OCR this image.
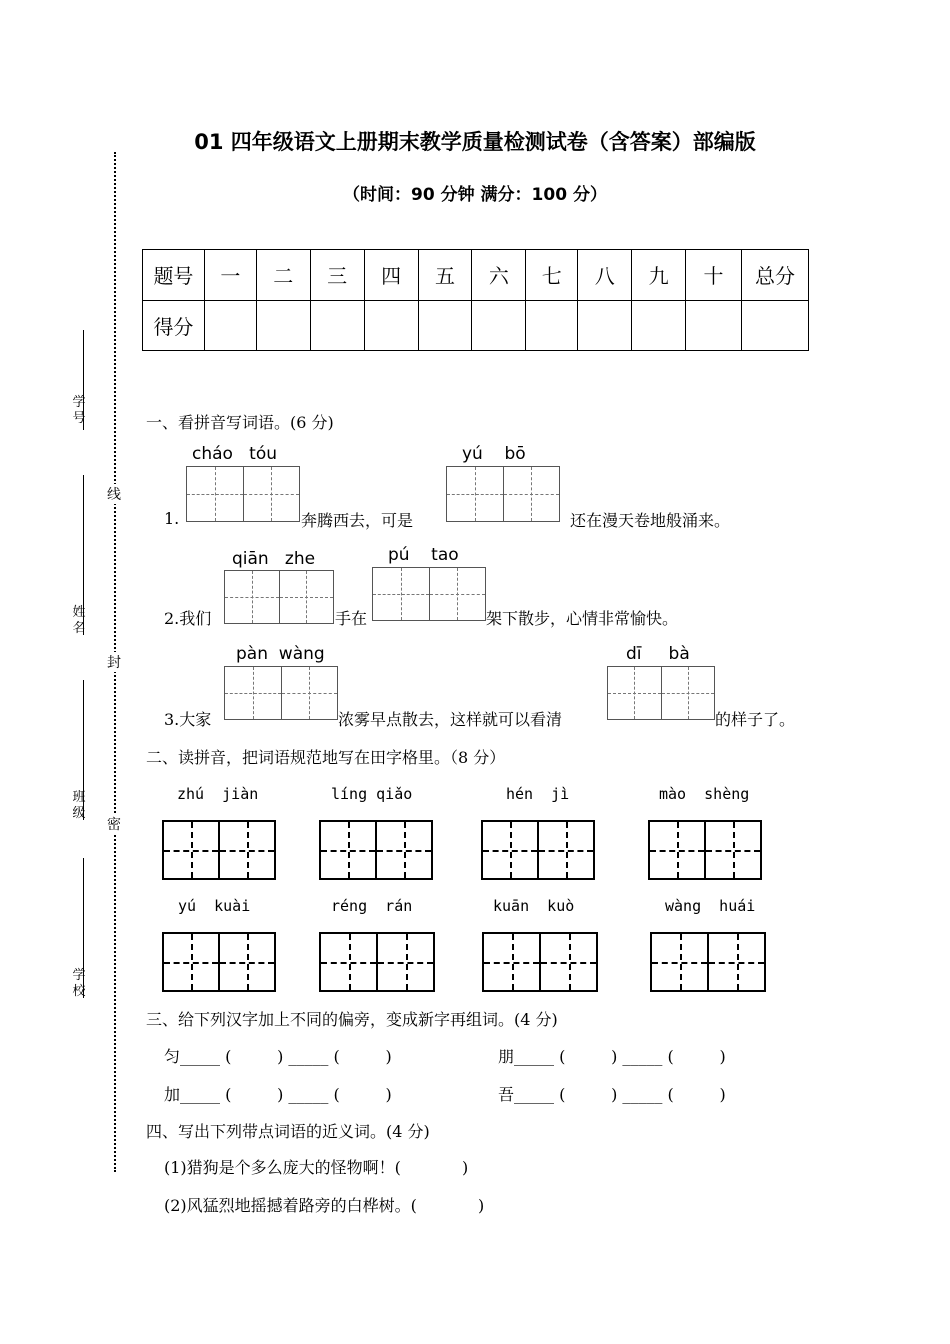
01 四年级语文上册期末教学质量检测试卷（含答案）部编版
（时间：90 分钟 满分：100 分）
线
封
密
学号
姓名
班级
学校
题号	一	二	三	四	五	六	七	八	九	十	总分
得分											
一、看拼音写词语。(6 分)
cháo   tóu	yú    bō
1.	奔腾西去，可是	还在漫天卷地般涌来。
qiān   zhe	pú    tao
2.我们	手在	架下散步，心情非常愉快。
pàn  wàng	dī     bà
3.大家	浓雾早点散去，这样就可以看清	的样子了。
二、读拼音，把词语规范地写在田字格里。（8 分）
zhú  jiàn	líng qiǎo	hén  jì	mào  shèng
yú  kuài	réng  rán	kuān  kuò	wàng  huái
三、给下列汉字加上不同的偏旁，变成新字再组词。(4 分)
匀_____ (         ) _____ (         )	朋_____ (         ) _____ (         )
加_____ (         ) _____ (         )	吾_____ (         ) _____ (         )
四、写出下列带点词语的近义词。(4 分)
(1)猎狗是个多么庞大的怪物啊！(            )
(2)风猛烈地摇撼着路旁的白桦树。(            )
